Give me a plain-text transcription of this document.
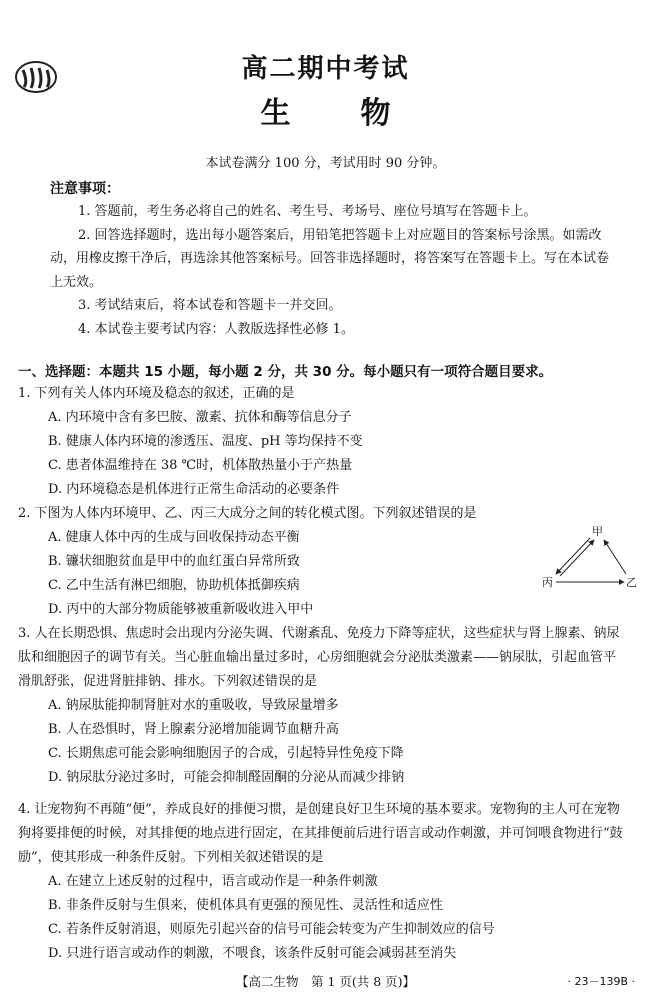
高二期中考试
生 物
本试卷满分 100 分，考试用时 90 分钟。
注意事项：

1. 答题前，考生务必将自己的姓名、考生号、考场号、座位号填写在答题卡上。

2. 回答选择题时，选出每小题答案后，用铅笔把答题卡上对应题目的答案标号涂黑。如需改动，用橡皮擦干净后，再选涂其他答案标号。回答非选择题时，将答案写在答题卡上。写在本试卷上无效。

3. 考试结束后，将本试卷和答题卡一并交回。

4. 本试卷主要考试内容：人教版选择性必修 1。

一、选择题：本题共 15 小题，每小题 2 分，共 30 分。每小题只有一项符合题目要求。
1. 下列有关人体内环境及稳态的叙述，正确的是
A. 内环境中含有多巴胺、激素、抗体和酶等信息分子
B. 健康人体内环境的渗透压、温度、pH 等均保持不变
C. 患者体温维持在 38 ℃时，机体散热量小于产热量
D. 内环境稳态是机体进行正常生命活动的必要条件
2. 下图为人体内环境甲、乙、丙三大成分之间的转化模式图。下列叙述错误的是
A. 健康人体中丙的生成与回收保持动态平衡
B. 镰状细胞贫血是甲中的血红蛋白异常所致
C. 乙中生活有淋巴细胞，协助机体抵御疾病
D. 丙中的大部分物质能够被重新吸收进入甲中
甲
丙	乙
3. 人在长期恐惧、焦虑时会出现内分泌失调、代谢紊乱、免疫力下降等症状，这些症状与肾上腺素、钠尿肽和细胞因子的调节有关。当心脏血输出量过多时，心房细胞就会分泌肽类激素——钠尿肽，引起血管平滑肌舒张，促进肾脏排钠、排水。下列叙述错误的是
A. 钠尿肽能抑制肾脏对水的重吸收，导致尿量增多
B. 人在恐惧时，肾上腺素分泌增加能调节血糖升高
C. 长期焦虑可能会影响细胞因子的合成，引起特异性免疫下降
D. 钠尿肽分泌过多时，可能会抑制醛固酮的分泌从而减少排钠
4. 让宠物狗不再随“便”，养成良好的排便习惯，是创建良好卫生环境的基本要求。宠物狗的主人可在宠物狗将要排便的时候，对其排便的地点进行固定，在其排便前后进行语言或动作刺激，并可饲喂食物进行“鼓励”，使其形成一种条件反射。下列相关叙述错误的是
A. 在建立上述反射的过程中，语言或动作是一种条件刺激
B. 非条件反射与生俱来，使机体具有更强的预见性、灵活性和适应性
C. 若条件反射消退，则原先引起兴奋的信号可能会转变为产生抑制效应的信号
D. 只进行语言或动作的刺激，不喂食，该条件反射可能会减弱甚至消失
【高二生物　第 1 页(共 8 页)】	· 23－139B ·
